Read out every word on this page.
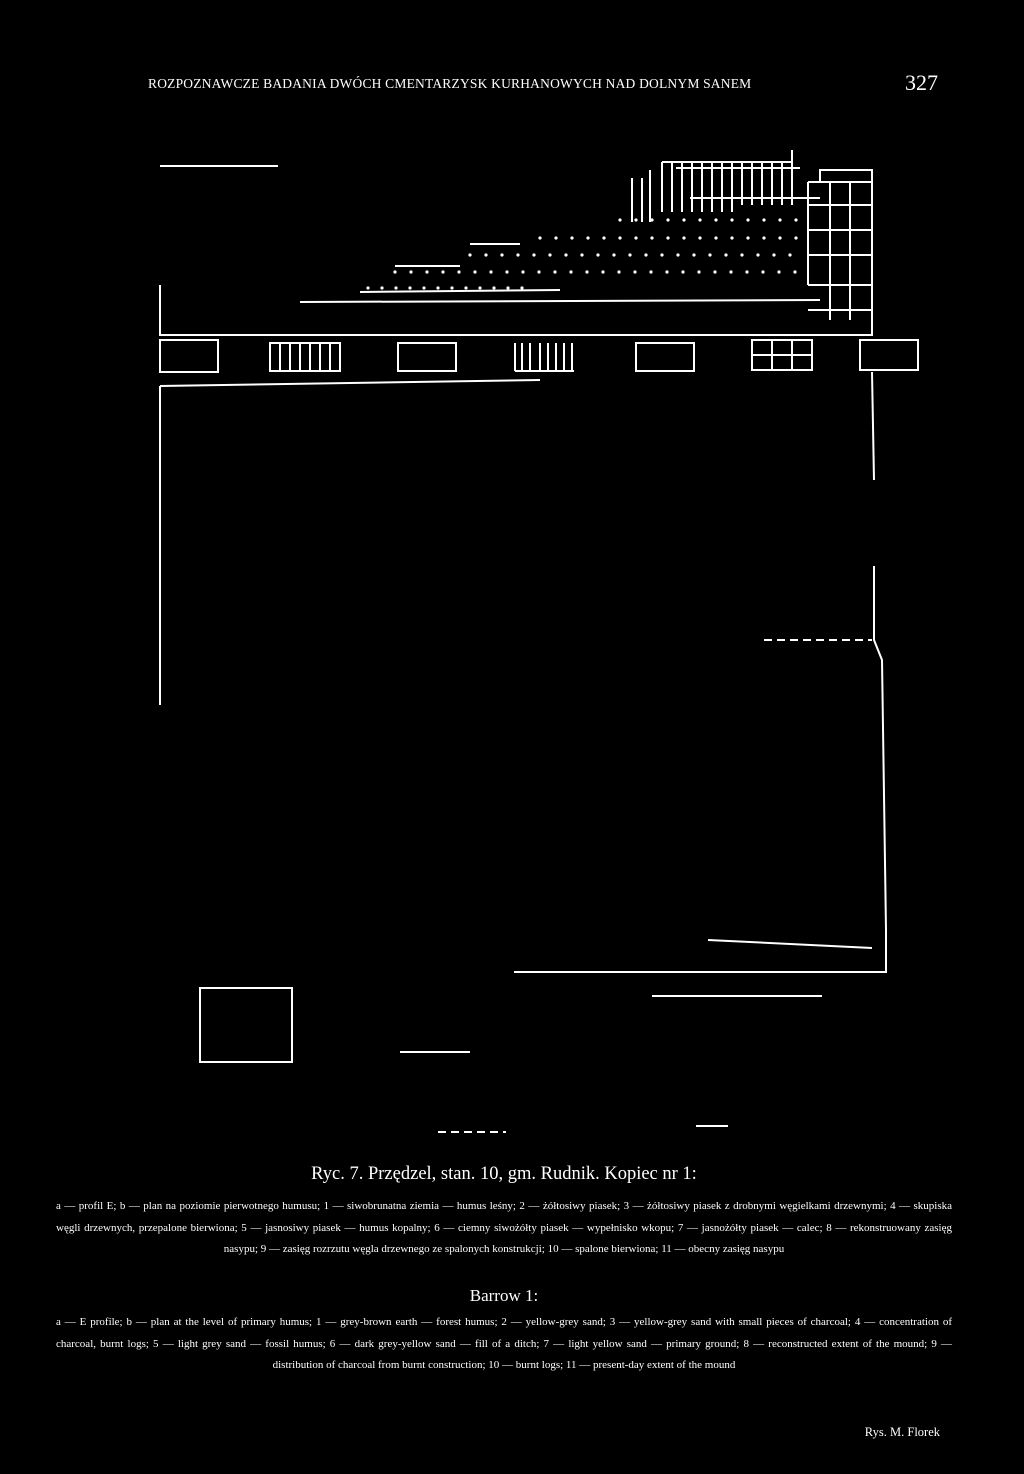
ROZPOZNAWCZE BADANIA DWÓCH CMENTARZYSK KURHANOWYCH NAD DOLNYM SANEM	327
Ryc. 7. Przędzel, stan. 10, gm. Rudnik. Kopiec nr 1:
a — profil E; b — plan na poziomie pierwotnego humusu; 1 — siwobrunatna ziemia — humus leśny; 2 — żółtosiwy piasek; 3 — żółtosiwy piasek z drobnymi węgielkami drzewnymi; 4 — skupiska węgli drzewnych, przepalone bierwiona; 5 — jasnosiwy piasek — humus kopalny; 6 — ciemny siwożółty piasek — wypełnisko wkopu; 7 — jasnożółty piasek — calec; 8 — rekonstruowany zasięg nasypu; 9 — zasięg rozrzutu węgla drzewnego ze spalonych konstrukcji; 10 — spalone bierwiona; 11 — obecny zasięg nasypu
Barrow 1:
a — E profile; b — plan at the level of primary humus; 1 — grey-brown earth — forest humus; 2 — yellow-grey sand; 3 — yellow-grey sand with small pieces of charcoal; 4 — concentration of charcoal, burnt logs; 5 — light grey sand — fossil humus; 6 — dark grey-yellow sand — fill of a ditch; 7 — light yellow sand — primary ground; 8 — reconstructed extent of the mound; 9 — distribution of charcoal from burnt construction; 10 — burnt logs; 11 — present-day extent of the mound
Rys. M. Florek
